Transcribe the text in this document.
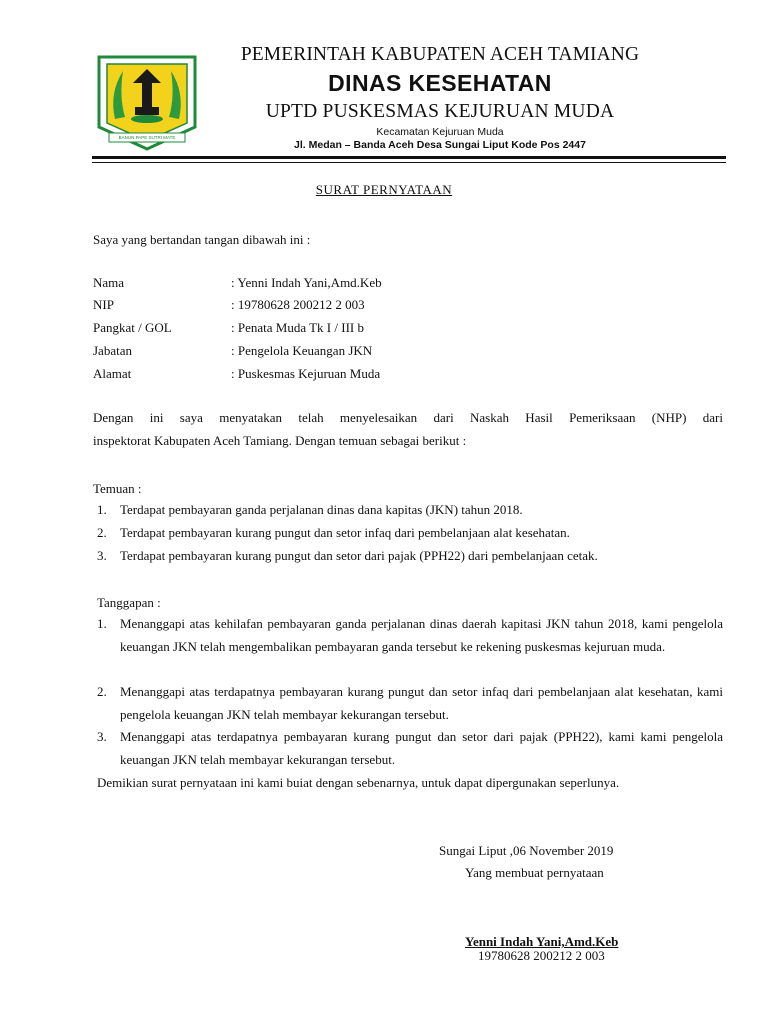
BANUN PAPE SUTRI MATE
PEMERINTAH KABUPATEN ACEH TAMIANG
DINAS KESEHATAN
UPTD PUSKESMAS KEJURUAN MUDA
Kecamatan Kejuruan Muda
Jl. Medan – Banda Aceh Desa Sungai Liput Kode Pos 2447
SURAT PERNYATAAN
Saya yang bertandan tangan dibawah ini :
Nama	: Yenni Indah Yani,Amd.Keb
NIP	: 19780628 200212 2 003
Pangkat / GOL	: Penata Muda Tk I / III b
Jabatan	: Pengelola Keuangan JKN
Alamat	: Puskesmas Kejuruan Muda
Dengan ini saya menyatakan telah menyelesaikan dari Naskah Hasil Pemeriksaan (NHP) dari
inspektorat Kabupaten Aceh Tamiang. Dengan temuan sebagai berikut :
Temuan :
1. Terdapat pembayaran ganda perjalanan dinas dana kapitas (JKN) tahun 2018.
2. Terdapat pembayaran kurang pungut dan setor infaq dari pembelanjaan alat kesehatan.
3. Terdapat pembayaran kurang pungut dan setor dari pajak (PPH22) dari pembelanjaan cetak.
Tanggapan :
1. Menanggapi atas kehilafan pembayaran ganda perjalanan dinas daerah kapitasi JKN tahun 2018, kami pengelola keuangan JKN telah mengembalikan pembayaran ganda tersebut ke rekening puskesmas kejuruan muda.
2. Menanggapi atas terdapatnya pembayaran kurang pungut dan setor infaq dari pembelanjaan alat kesehatan, kami pengelola keuangan JKN telah membayar kekurangan tersebut.
3. Menanggapi atas terdapatnya pembayaran kurang pungut dan setor dari pajak (PPH22), kami kami pengelola keuangan JKN telah membayar kekurangan tersebut.
Demikian surat pernyataan ini kami buiat dengan sebenarnya, untuk dapat dipergunakan seperlunya.
Sungai Liput ,06 November 2019
Yang membuat pernyataan
Yenni Indah Yani,Amd.Keb
19780628 200212 2 003
